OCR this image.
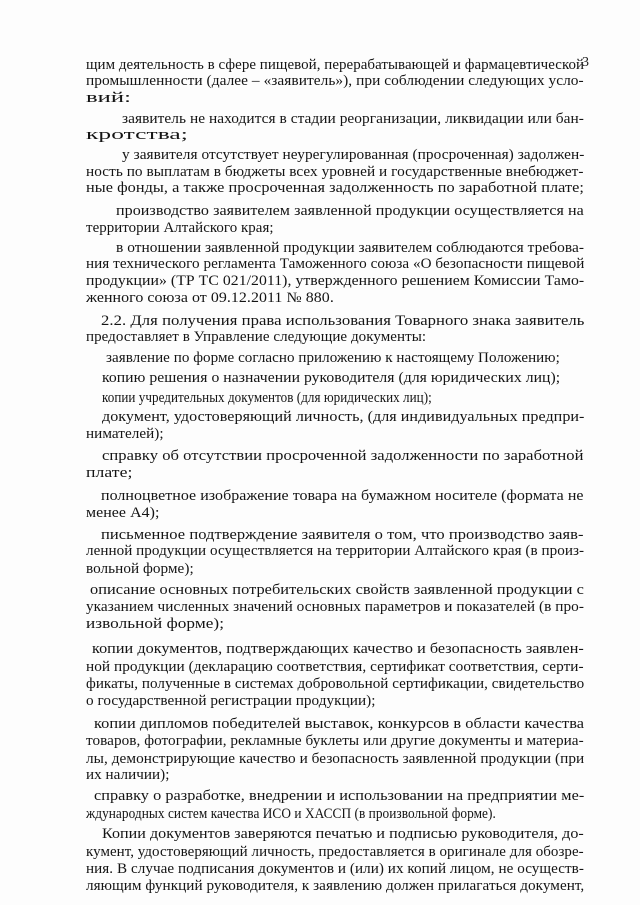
3
щим деятельность в сфере пищевой, перерабатывающей и фармацевтической
промышленности (далее – «заявитель»), при соблюдении следующих усло-
вий:
заявитель не находится в стадии реорганизации, ликвидации или бан-
кротства;
у заявителя отсутствует неурегулированная (просроченная) задолжен-
ность по выплатам в бюджеты всех уровней и государственные внебюджет-
ные фонды, а также просроченная задолженность по заработной плате;
производство заявителем заявленной продукции осуществляется на
территории Алтайского края;
в отношении заявленной продукции заявителем соблюдаются требова-
ния технического регламента Таможенного союза «О безопасности пищевой
продукции» (ТР ТС 021/2011), утвержденного решением Комиссии Тамо-
женного союза от 09.12.2011 № 880.
2.2. Для получения права использования Товарного знака заявитель
предоставляет в Управление следующие документы:
заявление по форме согласно приложению к настоящему Положению;
копию решения о назначении руководителя (для юридических лиц);
копии учредительных документов (для юридических лиц);
документ, удостоверяющий личность, (для индивидуальных предпри-
нимателей);
справку об отсутствии просроченной задолженности по заработной
плате;
полноцветное изображение товара на бумажном носителе (формата не
менее А4);
письменное подтверждение заявителя о том, что производство заяв-
ленной продукции осуществляется на территории Алтайского края (в произ-
вольной форме);
описание основных потребительских свойств заявленной продукции с
указанием численных значений основных параметров и показателей (в про-
извольной форме);
копии документов, подтверждающих качество и безопасность заявлен-
ной продукции (декларацию соответствия, сертификат соответствия, серти-
фикаты, полученные в системах добровольной сертификации, свидетельство
о государственной регистрации продукции);
копии дипломов победителей выставок, конкурсов в области качества
товаров, фотографии, рекламные буклеты или другие документы и материа-
лы, демонстрирующие качество и безопасность заявленной продукции (при
их наличии);
справку о разработке, внедрении и использовании на предприятии ме-
ждународных систем качества ИСО и ХАССП (в произвольной форме).
Копии документов заверяются печатью и подписью руководителя, до-
кумент, удостоверяющий личность, предоставляется в оригинале для обозре-
ния. В случае подписания документов и (или) их копий лицом, не осуществ-
ляющим функций руководителя, к заявлению должен прилагаться документ,
